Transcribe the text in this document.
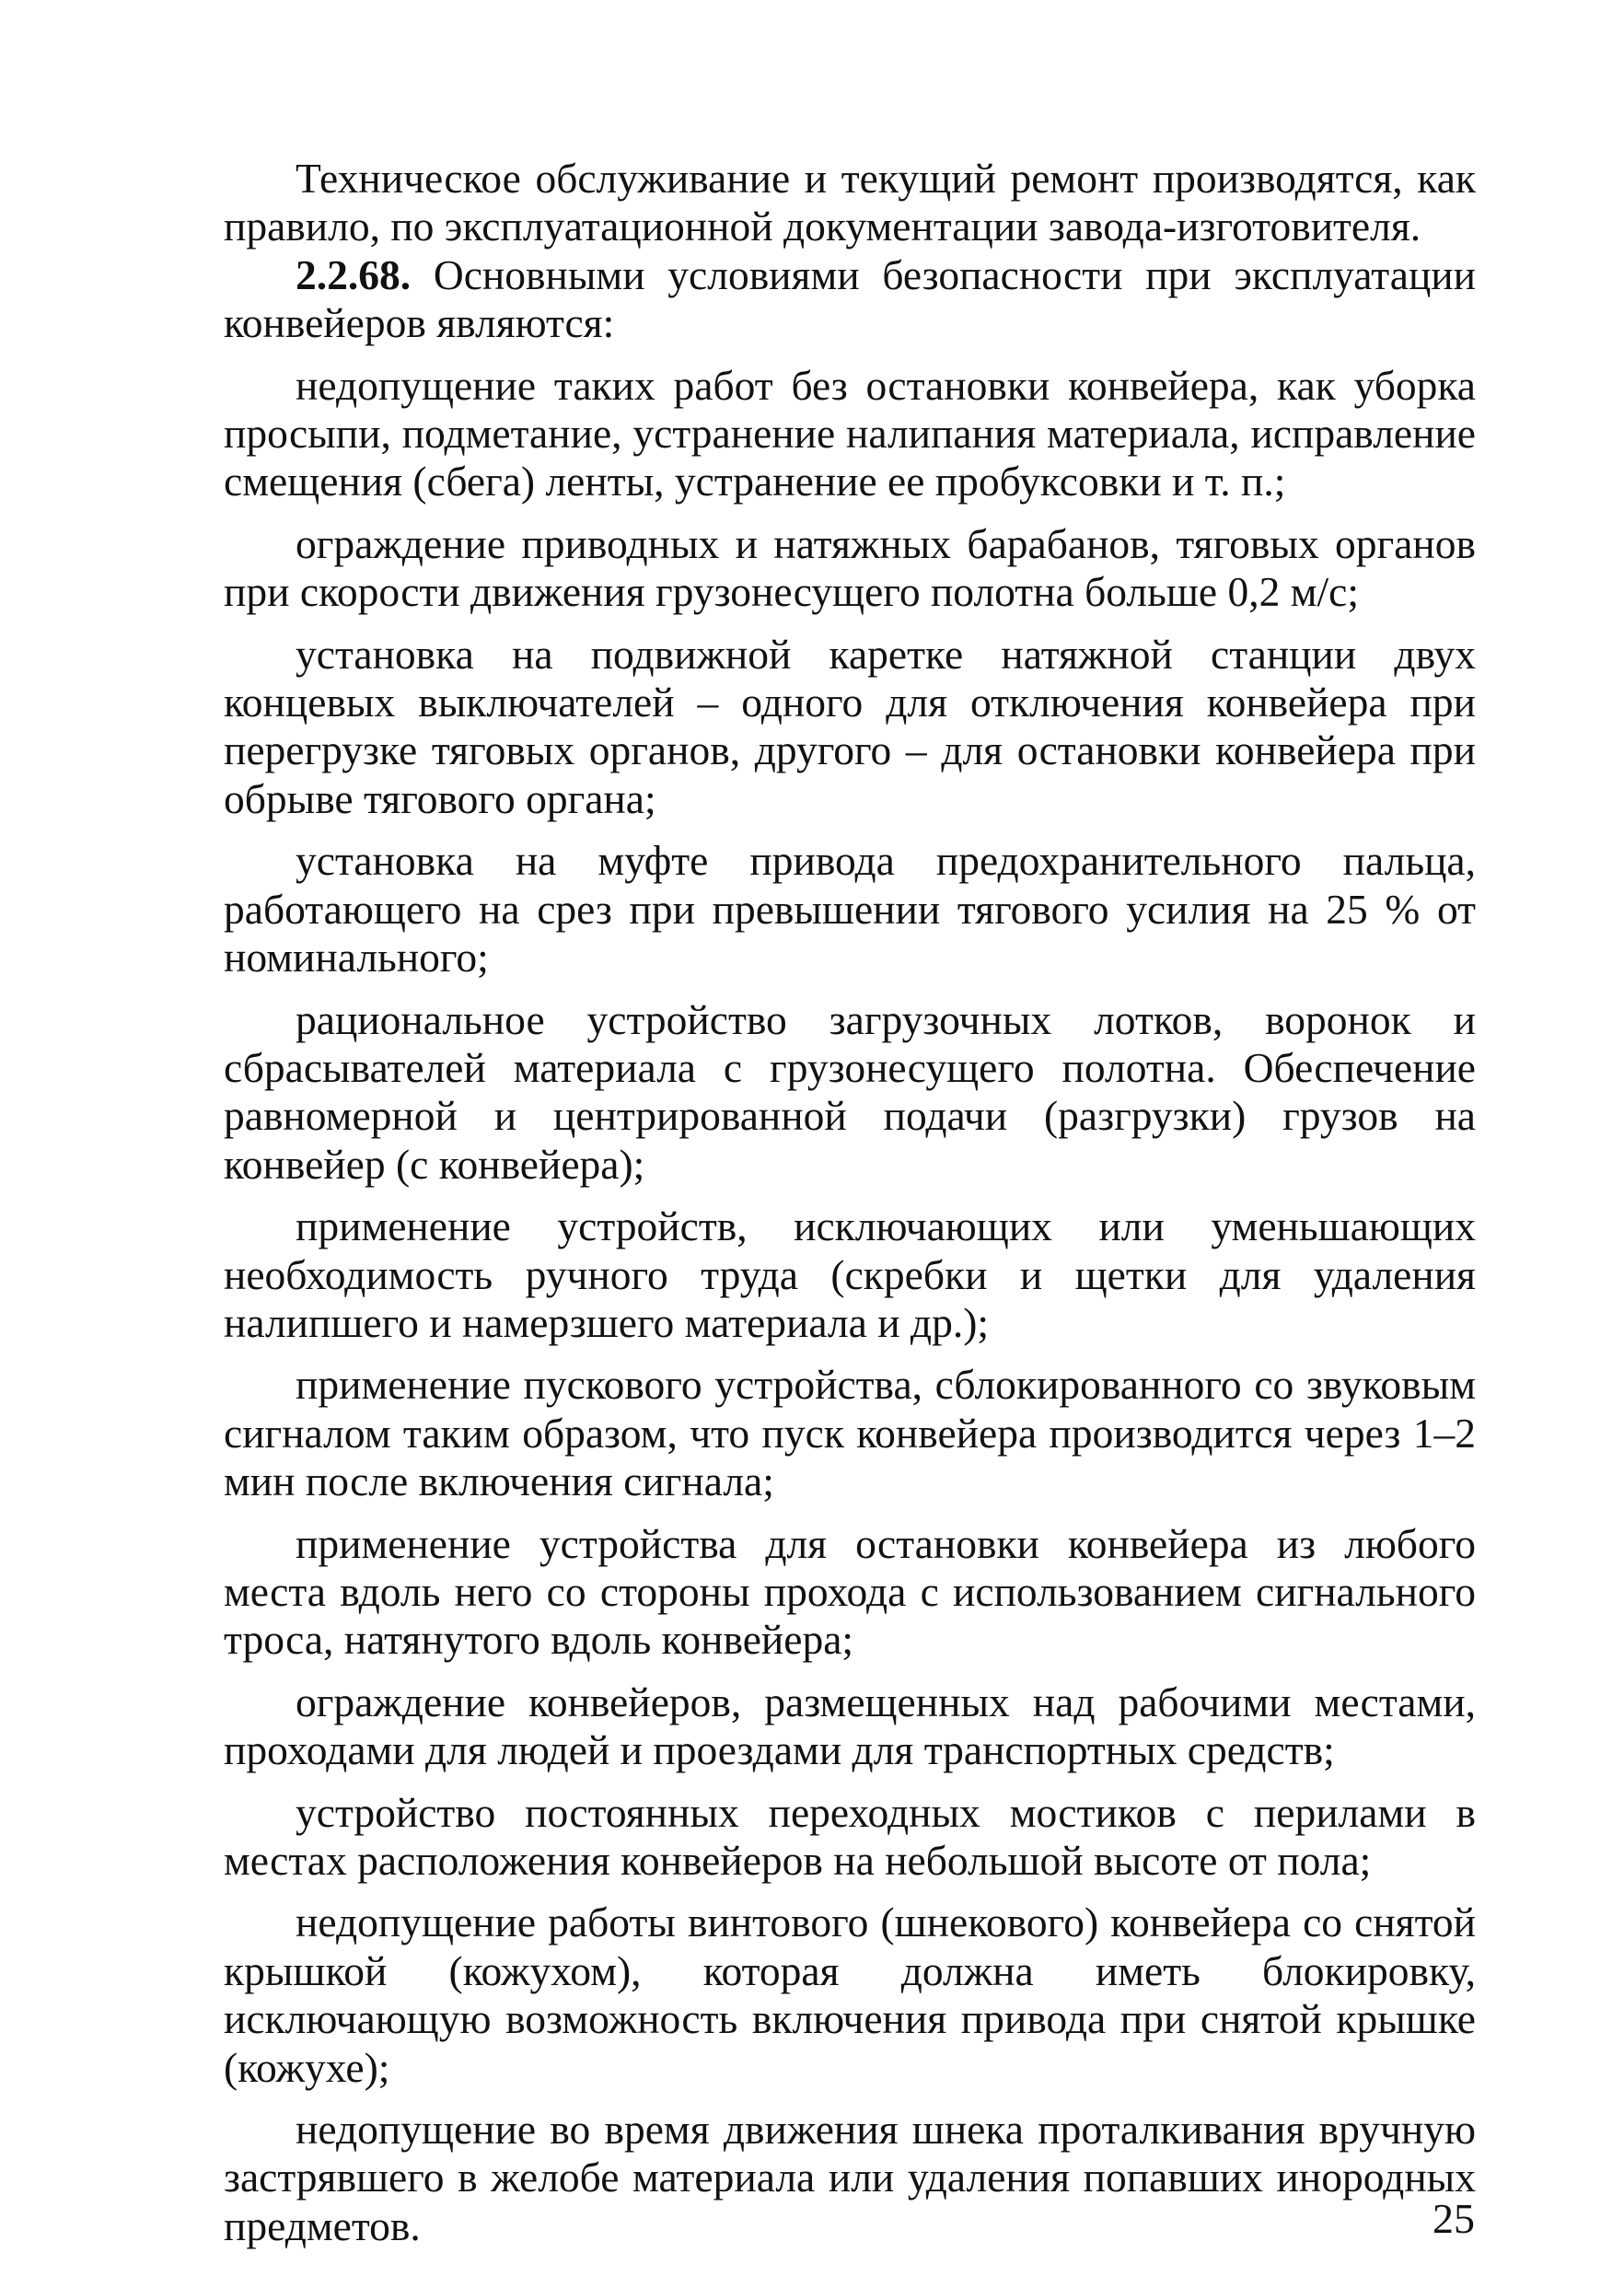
Техническое обслуживание и текущий ремонт производятся, как правило, по эксплуатационной документации завода-изготовителя.

2.2.68. Основными условиями безопасности при эксплуатации конвейеров являются:

недопущение таких работ без остановки конвейера, как уборка просыпи, подметание, устранение налипания материала, исправление смещения (сбега) ленты, устранение ее пробуксовки и т. п.;

ограждение приводных и натяжных барабанов, тяговых органов при скорости движения грузонесущего полотна больше 0,2 м/с;

установка на подвижной каретке натяжной станции двух концевых выключателей – одного для отключения конвейера при перегрузке тяговых органов, другого – для остановки конвейера при обрыве тягового органа;

установка на муфте привода предохранительного пальца, работающего на срез при превышении тягового усилия на 25 % от номинального;

рациональное устройство загрузочных лотков, воронок и сбрасывателей материала с грузонесущего полотна. Обеспечение равномерной и центрированной подачи (разгрузки) грузов на конвейер (с конвейера);

применение устройств, исключающих или уменьшающих необходимость ручного труда (скребки и щетки для удаления налипшего и намерзшего материала и др.);

применение пускового устройства, сблокированного со звуковым сигналом таким образом, что пуск конвейера производится через 1–2 мин после включения сигнала;

применение устройства для остановки конвейера из любого места вдоль него со стороны прохода с использованием сигнального троса, натянутого вдоль конвейера;

ограждение конвейеров, размещенных над рабочими местами, проходами для людей и проездами для транспортных средств;

устройство постоянных переходных мостиков с перилами в местах расположения конвейеров на небольшой высоте от пола;

недопущение работы винтового (шнекового) конвейера со снятой крышкой (кожухом), которая должна иметь блокировку, исключающую возможность включения привода при снятой крышке (кожухе);

недопущение во время движения шнека проталкивания вручную застрявшего в желобе материала или удаления попавших инородных предметов.	25
